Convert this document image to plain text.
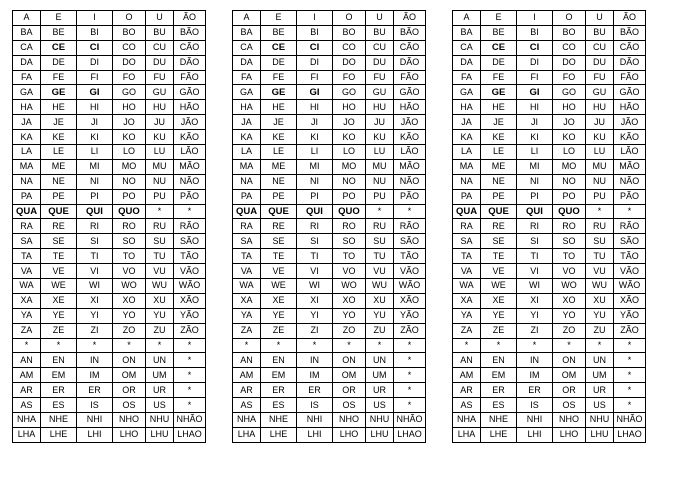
A	E	I	O	U	ÃO
BA	BE	BI	BO	BU	BÃO
CA	CE	CI	CO	CU	CÃO
DA	DE	DI	DO	DU	DÃO
FA	FE	FI	FO	FU	FÃO
GA	GE	GI	GO	GU	GÃO
HA	HE	HI	HO	HU	HÃO
JA	JE	JI	JO	JU	JÃO
KA	KE	KI	KO	KU	KÃO
LA	LE	LI	LO	LU	LÃO
MA	ME	MI	MO	MU	MÃO
NA	NE	NI	NO	NU	NÃO
PA	PE	PI	PO	PU	PÃO
QUA	QUE	QUI	QUO	*	*
RA	RE	RI	RO	RU	RÃO
SA	SE	SI	SO	SU	SÃO
TA	TE	TI	TO	TU	TÃO
VA	VE	VI	VO	VU	VÃO
WA	WE	WI	WO	WU	WÃO
XA	XE	XI	XO	XU	XÃO
YA	YE	YI	YO	YU	YÃO
ZA	ZE	ZI	ZO	ZU	ZÃO
*	*	*	*	*	*
AN	EN	IN	ON	UN	*
AM	EM	IM	OM	UM	*
AR	ER	ER	OR	UR	*
AS	ES	IS	OS	US	*
NHA	NHE	NHI	NHO	NHU	NHÃO
LHA	LHE	LHI	LHO	LHU	LHAO
A	E	I	O	U	ÃO
BA	BE	BI	BO	BU	BÃO
CA	CE	CI	CO	CU	CÃO
DA	DE	DI	DO	DU	DÃO
FA	FE	FI	FO	FU	FÃO
GA	GE	GI	GO	GU	GÃO
HA	HE	HI	HO	HU	HÃO
JA	JE	JI	JO	JU	JÃO
KA	KE	KI	KO	KU	KÃO
LA	LE	LI	LO	LU	LÃO
MA	ME	MI	MO	MU	MÃO
NA	NE	NI	NO	NU	NÃO
PA	PE	PI	PO	PU	PÃO
QUA	QUE	QUI	QUO	*	*
RA	RE	RI	RO	RU	RÃO
SA	SE	SI	SO	SU	SÃO
TA	TE	TI	TO	TU	TÃO
VA	VE	VI	VO	VU	VÃO
WA	WE	WI	WO	WU	WÃO
XA	XE	XI	XO	XU	XÃO
YA	YE	YI	YO	YU	YÃO
ZA	ZE	ZI	ZO	ZU	ZÃO
*	*	*	*	*	*
AN	EN	IN	ON	UN	*
AM	EM	IM	OM	UM	*
AR	ER	ER	OR	UR	*
AS	ES	IS	OS	US	*
NHA	NHE	NHI	NHO	NHU	NHÃO
LHA	LHE	LHI	LHO	LHU	LHAO
A	E	I	O	U	ÃO
BA	BE	BI	BO	BU	BÃO
CA	CE	CI	CO	CU	CÃO
DA	DE	DI	DO	DU	DÃO
FA	FE	FI	FO	FU	FÃO
GA	GE	GI	GO	GU	GÃO
HA	HE	HI	HO	HU	HÃO
JA	JE	JI	JO	JU	JÃO
KA	KE	KI	KO	KU	KÃO
LA	LE	LI	LO	LU	LÃO
MA	ME	MI	MO	MU	MÃO
NA	NE	NI	NO	NU	NÃO
PA	PE	PI	PO	PU	PÃO
QUA	QUE	QUI	QUO	*	*
RA	RE	RI	RO	RU	RÃO
SA	SE	SI	SO	SU	SÃO
TA	TE	TI	TO	TU	TÃO
VA	VE	VI	VO	VU	VÃO
WA	WE	WI	WO	WU	WÃO
XA	XE	XI	XO	XU	XÃO
YA	YE	YI	YO	YU	YÃO
ZA	ZE	ZI	ZO	ZU	ZÃO
*	*	*	*	*	*
AN	EN	IN	ON	UN	*
AM	EM	IM	OM	UM	*
AR	ER	ER	OR	UR	*
AS	ES	IS	OS	US	*
NHA	NHE	NHI	NHO	NHU	NHÃO
LHA	LHE	LHI	LHO	LHU	LHAO
